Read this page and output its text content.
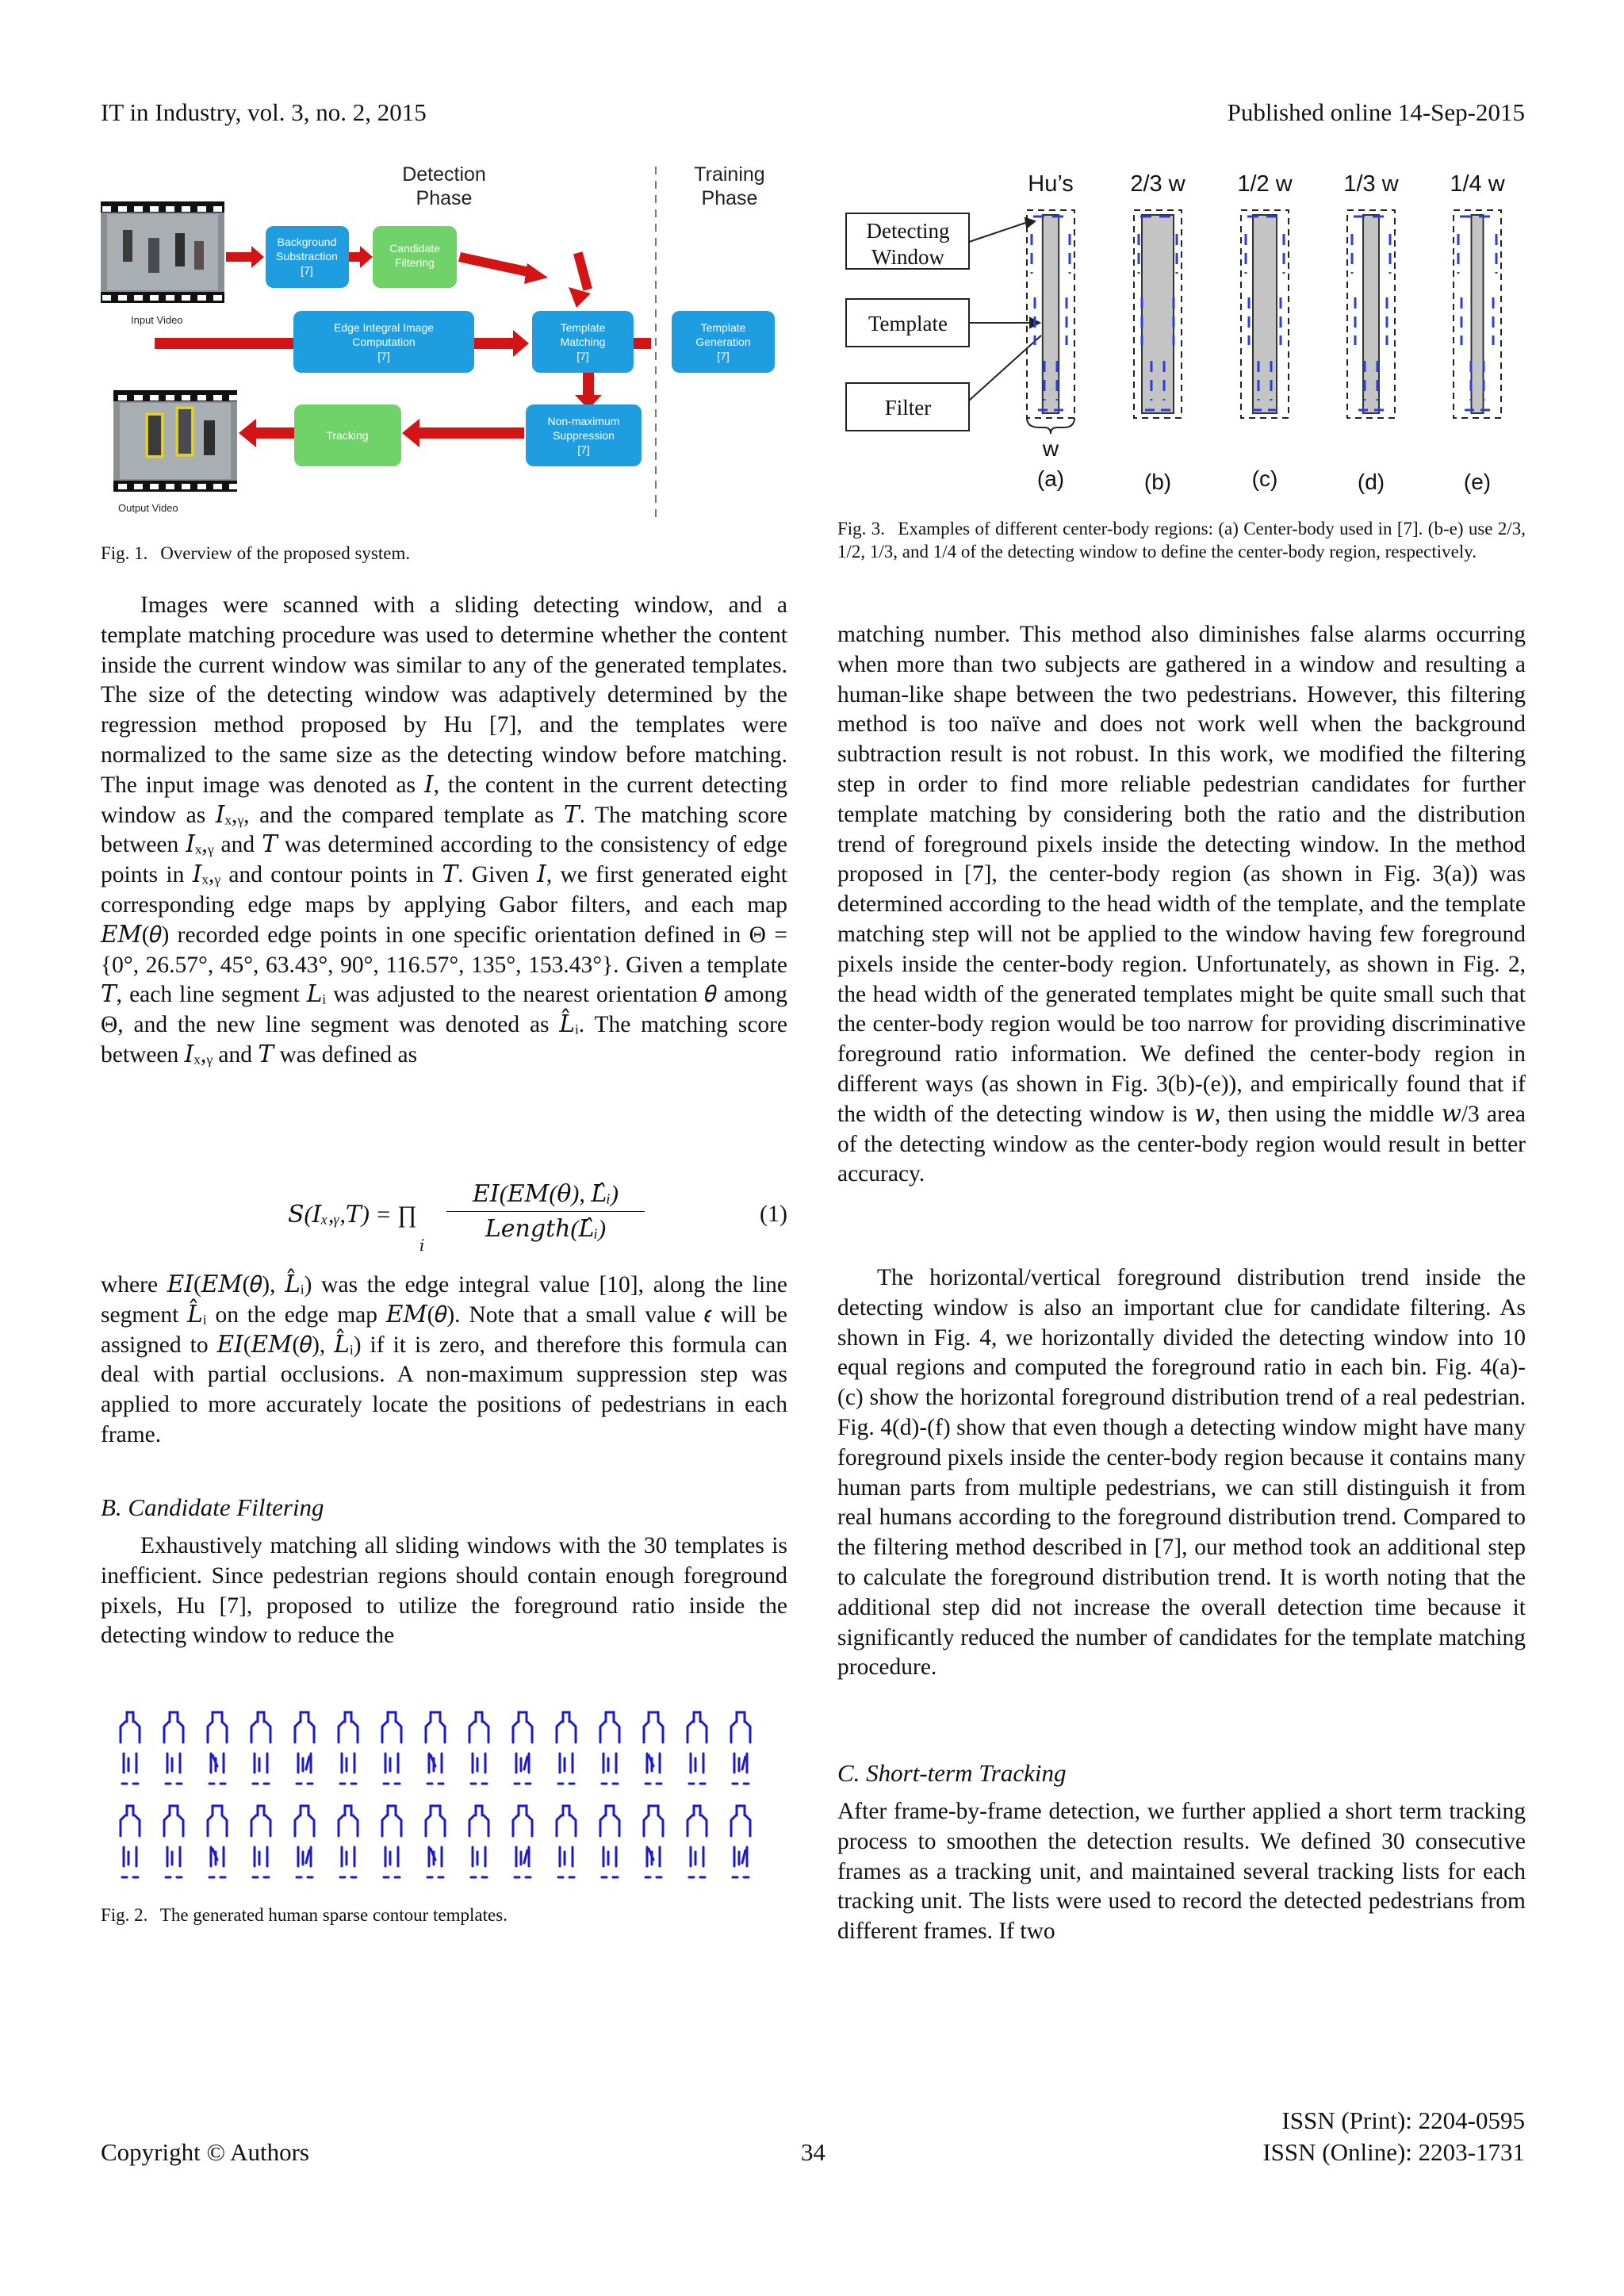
IT in Industry, vol. 3, no. 2, 2015	Published online 14-Sep-2015
Detection
Phase
Training
Phase
Input Video
Output Video
Background
Substraction
[7]
Candidate
Filtering
Edge Integral Image
Computation
[7]
Template
Matching
[7]
Template
Generation
[7]
Tracking
Non-maximum
Suppression
[7]
Fig. 1. Overview of the proposed system.

Images were scanned with a sliding detecting window, and a template matching procedure was used to determine whether the content inside the current window was similar to any of the generated templates. The size of the detecting window was adaptively determined by the regression method proposed by Hu [7], and the templates were normalized to the same size as the detecting window before matching. The input image was denoted as 𝐼, the content in the current detecting window as 𝐼ₓ,ᵧ, and the compared template as 𝑇. The matching score between 𝐼ₓ,ᵧ and 𝑇 was determined according to the consistency of edge points in 𝐼ₓ,ᵧ and contour points in 𝑇. Given 𝐼, we first generated eight corresponding edge maps by applying Gabor filters, and each map 𝐸𝑀(𝜃) recorded edge points in one specific orientation defined in Θ = {0°, 26.57°, 45°, 63.43°, 90°, 116.57°, 135°, 153.43°}. Given a template 𝑇, each line segment 𝐿ᵢ was adjusted to the nearest orientation 𝜃 among Θ, and the new line segment was denoted as 𝐿̂ᵢ. The matching score between 𝐼ₓ,ᵧ and 𝑇 was defined as

𝑆(𝐼ₓ,ᵧ,𝑇) = ∏
𝑖
𝐸𝐼(𝐸𝑀(𝜃), 𝐿̂ᵢ)
𝐿𝑒𝑛𝑔𝑡ℎ(𝐿̂ᵢ)
(1)

where 𝐸𝐼(𝐸𝑀(𝜃), 𝐿̂ᵢ) was the edge integral value [10], along the line segment 𝐿̂ᵢ on the edge map 𝐸𝑀(𝜃). Note that a small value 𝜖 will be assigned to 𝐸𝐼(𝐸𝑀(𝜃), 𝐿̂ᵢ) if it is zero, and therefore this formula can deal with partial occlusions. A non-maximum suppression step was applied to more accurately locate the positions of pedestrians in each frame.

B. Candidate Filtering

Exhaustively matching all sliding windows with the 30 templates is inefficient. Since pedestrian regions should contain enough foreground pixels, Hu [7], proposed to utilize the foreground ratio inside the detecting window to reduce the

Fig. 2. The generated human sparse contour templates.
Hu’s 2/3 w 1/2 w 1/3 w 1/4 w
Detecting
Window
Template
Filter
w
(a)	(b)	(c)	(d)	(e)
Fig. 3. Examples of different center-body regions: (a) Center-body used in [7]. (b-e) use 2/3, 1/2, 1/3, and 1/4 of the detecting window to define the center-body region, respectively.

matching number. This method also diminishes false alarms occurring when more than two subjects are gathered in a window and resulting a human-like shape between the two pedestrians. However, this filtering method is too naïve and does not work well when the background subtraction result is not robust. In this work, we modified the filtering step in order to find more reliable pedestrian candidates for further template matching by considering both the ratio and the distribution trend of foreground pixels inside the detecting window. In the method proposed in [7], the center-body region (as shown in Fig. 3(a)) was determined according to the head width of the template, and the template matching step will not be applied to the window having few foreground pixels inside the center-body region. Unfortunately, as shown in Fig. 2, the head width of the generated templates might be quite small such that the center-body region would be too narrow for providing discriminative foreground ratio information. We defined the center-body region in different ways (as shown in Fig. 3(b)-(e)), and empirically found that if the width of the detecting window is 𝑤, then using the middle 𝑤/3 area of the detecting window as the center-body region would result in better accuracy.

The horizontal/vertical foreground distribution trend inside the detecting window is also an important clue for candidate filtering. As shown in Fig. 4, we horizontally divided the detecting window into 10 equal regions and computed the foreground ratio in each bin. Fig. 4(a)-(c) show the horizontal foreground distribution trend of a real pedestrian. Fig. 4(d)-(f) show that even though a detecting window might have many foreground pixels inside the center-body region because it contains many human parts from multiple pedestrians, we can still distinguish it from real humans according to the foreground distribution trend. Compared to the filtering method described in [7], our method took an additional step to calculate the foreground distribution trend. It is worth noting that the additional step did not increase the overall detection time because it significantly reduced the number of candidates for the template matching procedure.

C. Short-term Tracking

After frame-by-frame detection, we further applied a short term tracking process to smoothen the detection results. We defined 30 consecutive frames as a tracking unit, and maintained several tracking lists for each tracking unit. The lists were used to record the detected pedestrians from different frames. If two

Copyright © Authors	34
ISSN (Print): 2204-0595
ISSN (Online): 2203-1731
